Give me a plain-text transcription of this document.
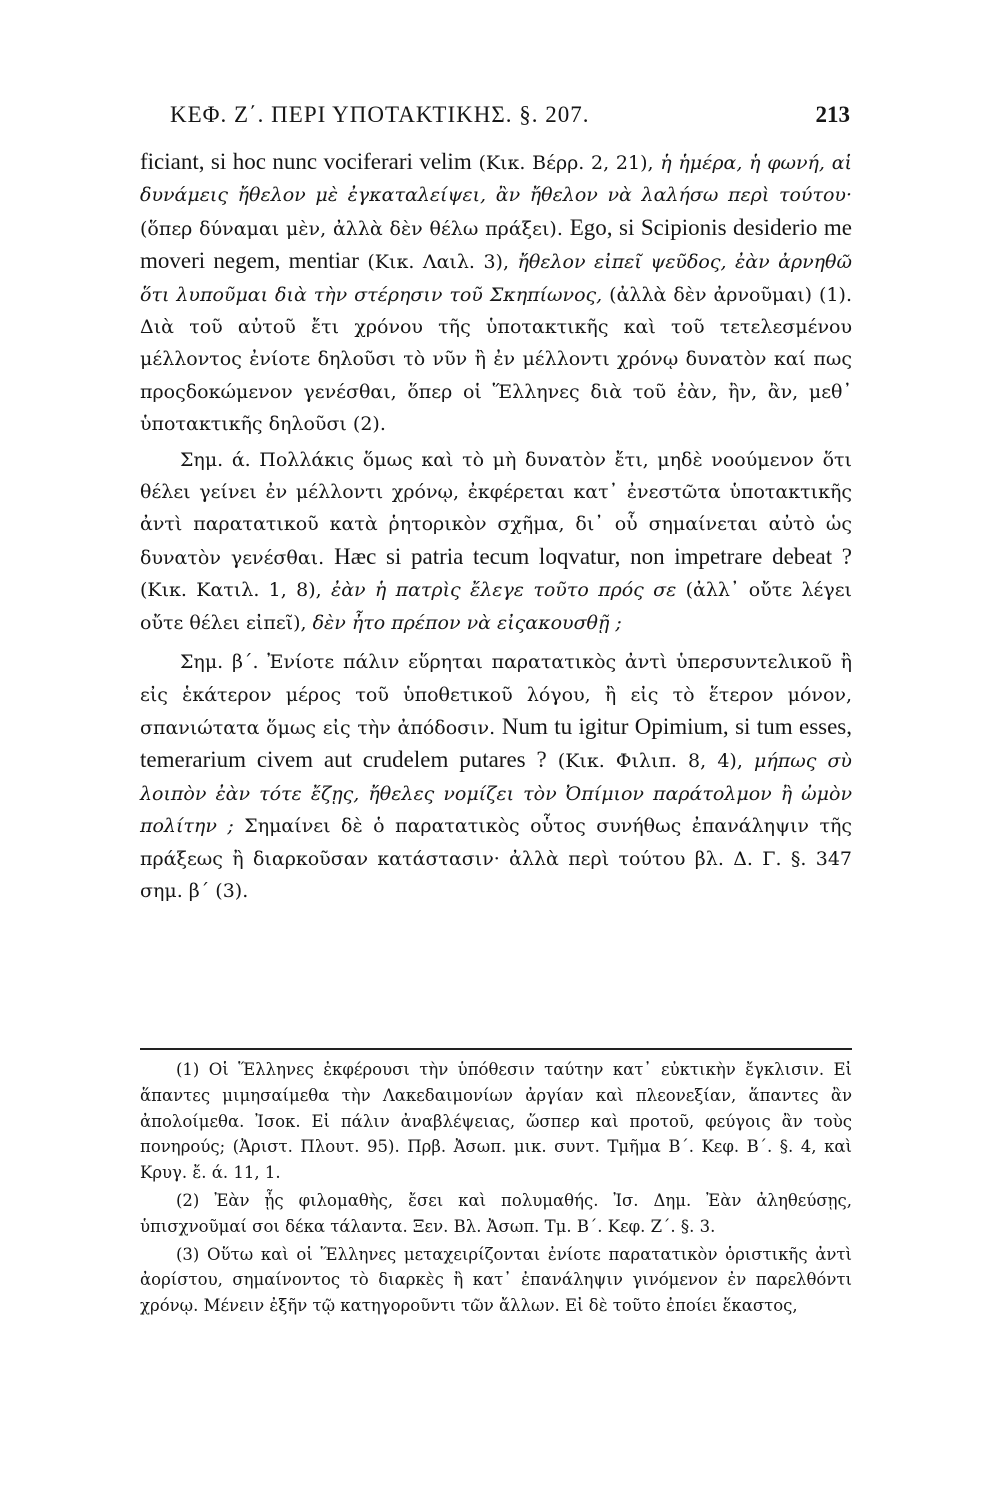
ΚΕΦ. Ζ΄. ΠΕΡΙ ΥΠΟΤΑΚΤΙΚΗΣ. §. 207.	213

ficiant, si hoc nunc vociferari velim (Κικ. Βέρρ. 2, 21), ἡ ἡμέρα, ἡ φωνή, αἱ δυνάμεις ἤθελον μὲ ἐγκαταλείψει, ἂν ἤθελον νὰ λαλήσω περὶ τούτου· (ὅπερ δύναμαι μὲν, ἀλλὰ δὲν θέλω πράξει). Ego, si Scipionis desiderio me moveri negem, mentiar (Κικ. Λαιλ. 3), ἤθελον εἰπεῖ ψεῦδος, ἐὰν ἀρνηθῶ ὅτι λυποῦμαι διὰ τὴν στέρησιν τοῦ Σκηπίωνος, (ἀλλὰ δὲν ἀρνοῦμαι) (1). Διὰ τοῦ αὐτοῦ ἔτι χρόνου τῆς ὑποτακτικῆς καὶ τοῦ τετελεσμένου μέλλοντος ἐνίοτε δηλοῦσι τὸ νῦν ἢ ἐν μέλλοντι χρόνῳ δυνατὸν καί πως προςδοκώμενον γενέσθαι, ὅπερ οἱ Ἕλληνες διὰ τοῦ ἐὰν, ἢν, ἂν, μεθ᾽ ὑποτακτικῆς δηλοῦσι (2).

Σημ. ά. Πολλάκις ὅμως καὶ τὸ μὴ δυνατὸν ἔτι, μηδὲ νοούμενον ὅτι θέλει γείνει ἐν μέλλοντι χρόνῳ, ἐκφέρεται κατ᾽ ἐνεστῶτα ὑποτακτικῆς ἀντὶ παρατατικοῦ κατὰ ῥητορικὸν σχῆμα, δι᾽ οὗ σημαίνεται αὐτὸ ὡς δυνατὸν γενέσθαι. Hæc si patria tecum loqvatur, non impetrare debeat ? (Κικ. Κατιλ. 1, 8), ἐὰν ἡ πατρὶς ἔλεγε τοῦτο πρός σε (ἀλλ᾽ οὔτε λέγει οὔτε θέλει εἰπεῖ), δὲν ἦτο πρέπον νὰ εἰςακουσθῇ ;

Σημ. β΄. Ἐνίοτε πάλιν εὕρηται παρατατικὸς ἀντὶ ὑπερσυντελικοῦ ἢ εἰς ἑκάτερον μέρος τοῦ ὑποθετικοῦ λόγου, ἢ εἰς τὸ ἕτερον μόνον, σπανιώτατα ὅμως εἰς τὴν ἀπόδοσιν. Num tu igitur Opimium, si tum esses, temerarium civem aut crudelem putares ? (Κικ. Φιλιπ. 8, 4), μήπως σὺ λοιπὸν ἐὰν τότε ἔζῃς, ἤθελες νομίζει τὸν Ὀπίμιον παράτολμον ἢ ὠμὸν πολίτην ; Σημαίνει δὲ ὁ παρατατικὸς οὗτος συνήθως ἐπανάληψιν τῆς πράξεως ἢ διαρκοῦσαν κατάστασιν· ἀλλὰ περὶ τούτου βλ. Δ. Γ. §. 347 σημ. β΄ (3).

(1) Οἱ Ἕλληνες ἐκφέρουσι τὴν ὑπόθεσιν ταύτην κατ᾽ εὐκτικὴν ἔγκλισιν. Εἰ ἅπαντες μιμησαίμεθα τὴν Λακεδαιμονίων ἀργίαν καὶ πλεονεξίαν, ἅπαντες ἂν ἀπολοίμεθα. Ἰσοκ. Εἰ πάλιν ἀναβλέψειας, ὥσπερ καὶ προτοῦ, φεύγοις ἂν τοὺς πονηρούς; (Ἀριστ. Πλουτ. 95). Πρβ. Ἀσωπ. μικ. συντ. Τμῆμα Β΄. Κεφ. Β΄. §. 4, καὶ Κρυγ. ἔ. ά. 11, 1.

(2) Ἐὰν ᾖς φιλομαθὴς, ἔσει καὶ πολυμαθής. Ἰσ. Δημ. Ἐὰν ἀληθεύσῃς, ὑπισχνοῦμαί σοι δέκα τάλαντα. Ξεν. Βλ. Ἀσωπ. Τμ. Β΄. Κεφ. Ζ΄. §. 3.

(3) Οὕτω καὶ οἱ Ἕλληνες μεταχειρίζονται ἐνίοτε παρατατικὸν ὁριστικῆς ἀντὶ ἀορίστου, σημαίνοντος τὸ διαρκὲς ἢ κατ᾽ ἐπανάληψιν γινόμενον ἐν παρελθόντι χρόνῳ. Μένειν ἐξῆν τῷ κατηγοροῦντι τῶν ἄλλων. Εἰ δὲ τοῦτο ἐποίει ἕκαστος,
